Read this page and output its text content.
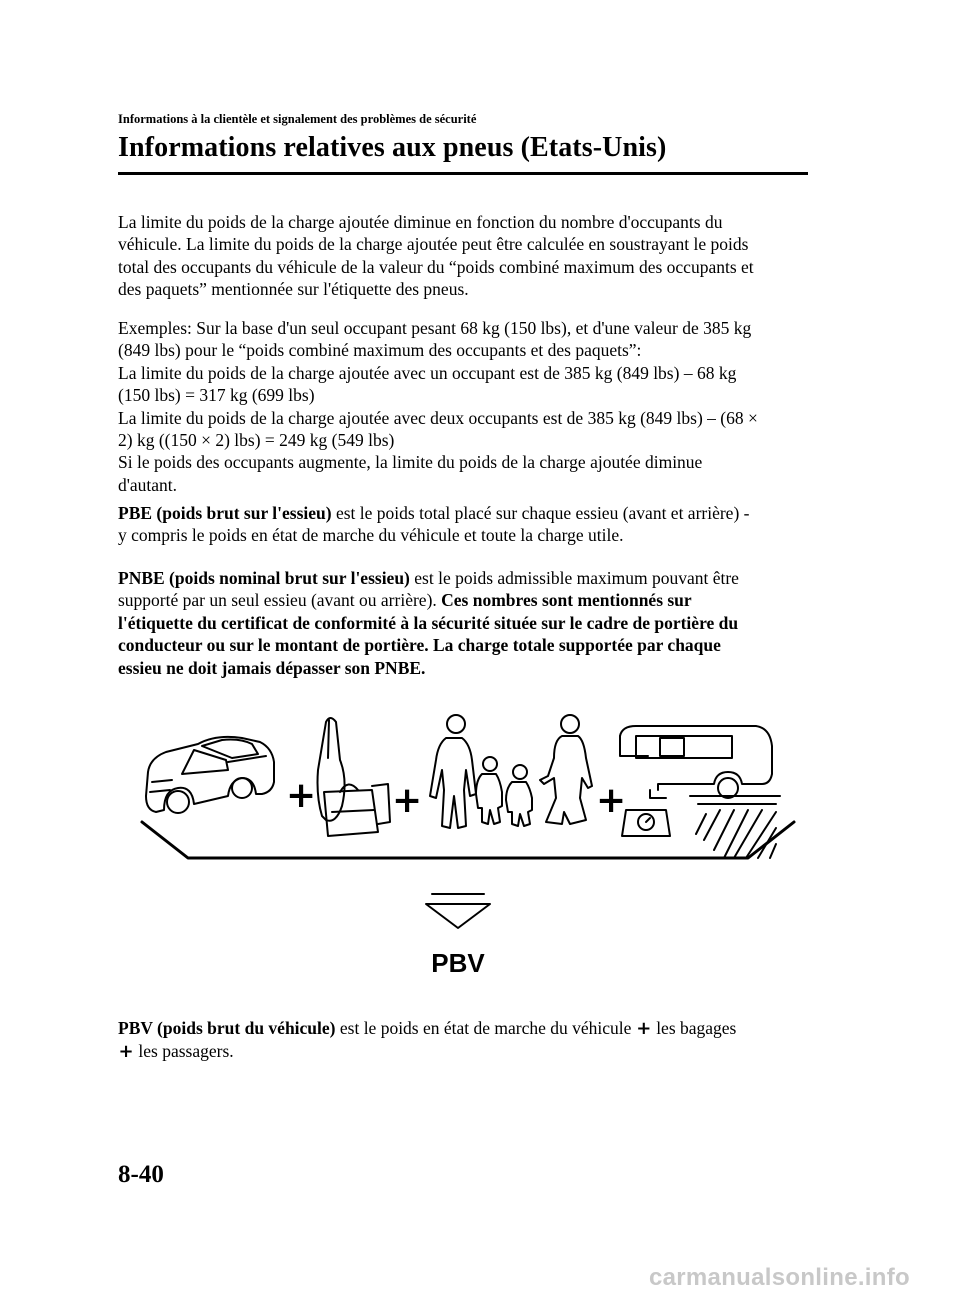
Informations à la clientèle et signalement des problèmes de sécurité
Informations relatives aux pneus (Etats-Unis)
La limite du poids de la charge ajoutée diminue en fonction du nombre d'occupants du
véhicule. La limite du poids de la charge ajoutée peut être calculée en soustrayant le poids
total des occupants du véhicule de la valeur du “poids combiné maximum des occupants et
des paquets” mentionnée sur l'étiquette des pneus.
Exemples: Sur la base d'un seul occupant pesant 68 kg (150 lbs), et d'une valeur de 385 kg
(849 lbs) pour le “poids combiné maximum des occupants et des paquets”:
La limite du poids de la charge ajoutée avec un occupant est de 385 kg (849 lbs) – 68 kg
(150 lbs) = 317 kg (699 lbs)
La limite du poids de la charge ajoutée avec deux occupants est de 385 kg (849 lbs) – (68 ×
2) kg ((150 × 2) lbs) = 249 kg (549 lbs)
Si le poids des occupants augmente, la limite du poids de la charge ajoutée diminue
d'autant.
PBE (poids brut sur l'essieu) est le poids total placé sur chaque essieu (avant et arrière) -
y compris le poids en état de marche du véhicule et toute la charge utile.
PNBE (poids nominal brut sur l'essieu) est le poids admissible maximum pouvant être
supporté par un seul essieu (avant ou arrière). Ces nombres sont mentionnés sur
l'étiquette du certificat de conformité à la sécurité située sur le cadre de portière du
conducteur ou sur le montant de portière. La charge totale supportée par chaque
essieu ne doit jamais dépasser son PNBE.
+ +	+
PBV
PBV (poids brut du véhicule) est le poids en état de marche du véhicule + les bagages
+ les passagers.
8-40
carmanualsonline.info
